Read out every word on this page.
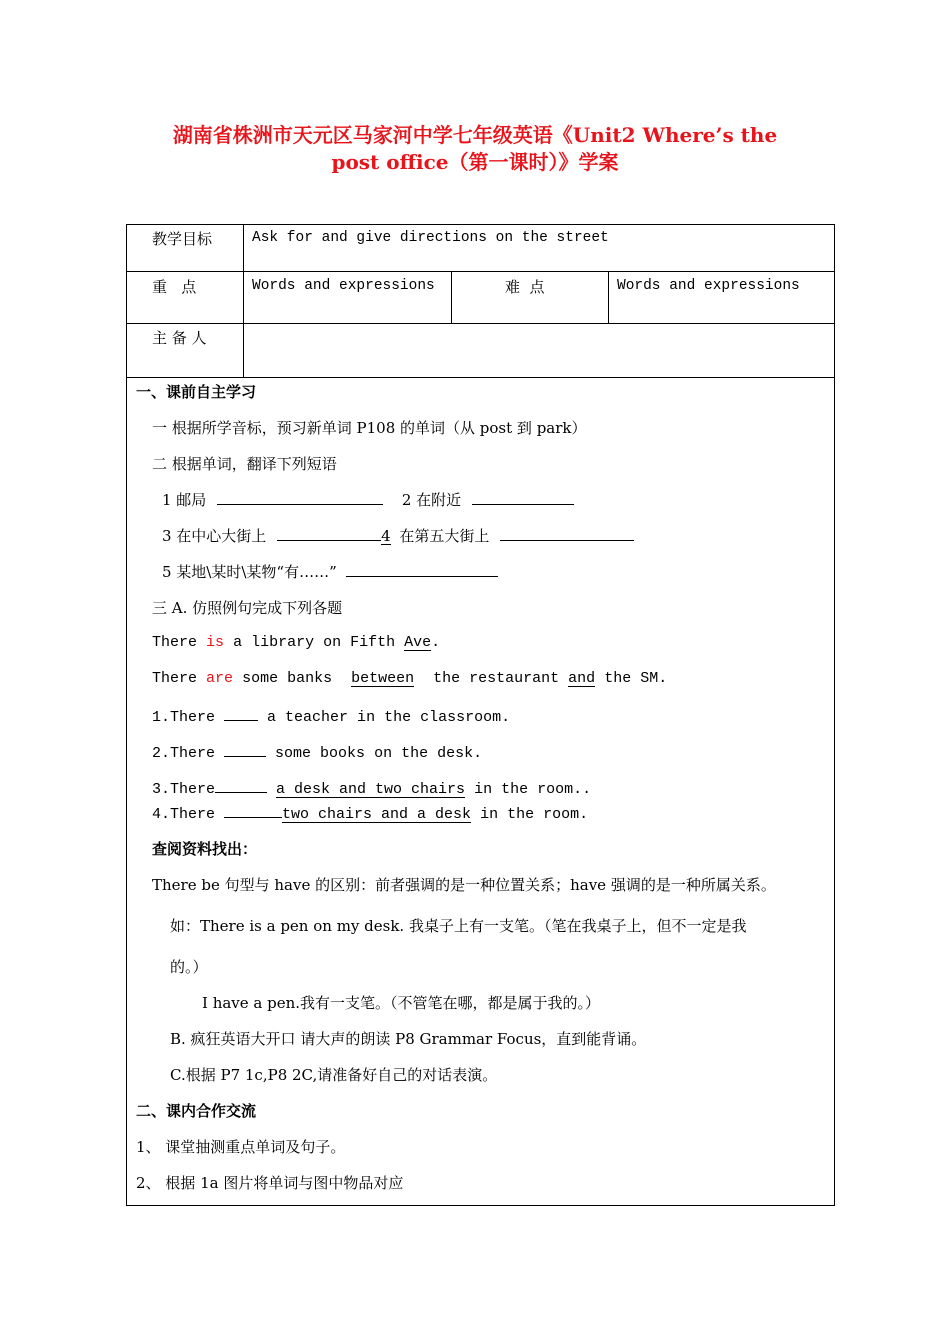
湖南省株洲市天元区马家河中学七年级英语《Unit2 Where’s the
post office（第一课时）》学案
教学目标	Ask for and give directions on the street
重   点	Words and expressions	难  点	Words and expressions
主 备 人
一、课前自主学习
一 根据所学音标，预习新单词 P108 的单词（从 post 到 park）
二 根据单词，翻译下列短语
1 邮局	2 在附近
3 在中心大街上	4 在第五大街上
5 某地\某时\某物“有……”
三 A. 仿照例句完成下列各题
There is a library on Fifth Ave.
There are some banks between the restaurant and the SM.
1.There	a teacher in the classroom.
2.There	some books on the desk.
3.There	a desk and two chairs in the room..
4.There	two chairs and a desk in the room.
查阅资料找出：
There be 句型与 have 的区别：前者强调的是一种位置关系；have 强调的是一种所属关系。
如：There is a pen on my desk. 我桌子上有一支笔。（笔在我桌子上，但不一定是我
的。）
I have a pen.我有一支笔。（不管笔在哪，都是属于我的。）
B. 疯狂英语大开口 请大声的朗读 P8 Grammar Focus，直到能背诵。
C.根据 P7 1c,P8 2C,请准备好自己的对话表演。
二、课内合作交流
1、 课堂抽测重点单词及句子。
2、 根据 1a 图片将单词与图中物品对应
